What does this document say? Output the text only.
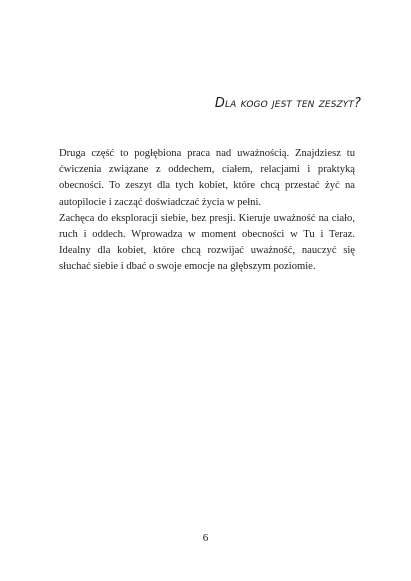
Dla kogo jest ten zeszyt?

Druga część to pogłębiona praca nad uważnością. Znajdziesz tu ćwiczenia związane z oddechem, ciałem, relacjami i praktyką obecności. To zeszyt dla tych kobiet, które chcą przestać żyć na autopilocie i zacząć doświadczać życia w pełni.

Zachęca do eksploracji siebie, bez presji. Kieruje uważność na ciało, ruch i oddech. Wprowadza w moment obecności w Tu i Teraz. Idealny dla kobiet, które chcą rozwijać uważność, nauczyć się słuchać siebie i dbać o swoje emocje na głębszym poziomie.

6
